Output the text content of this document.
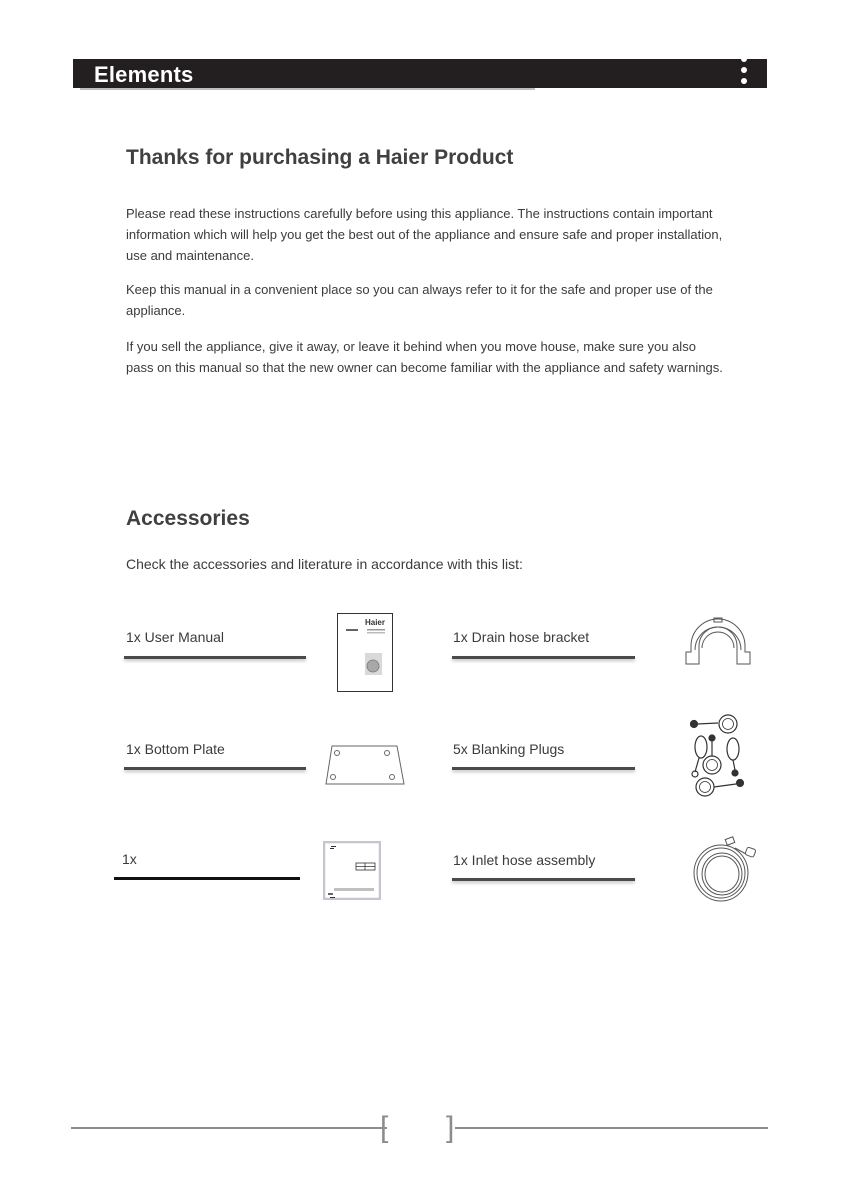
Elements
Thanks for purchasing a Haier Product
Please read these instructions carefully before using this appliance. The instructions contain important information which will help you get the best out of the appliance and ensure safe and proper installation, use and maintenance.
Keep this manual in a convenient place so you can always refer to it for the safe and proper use of the appliance.
If you sell the appliance, give it away, or leave it behind when you move house, make sure you also pass on this manual so that the new owner can become familiar with the appliance and safety warnings.
Accessories
Check the accessories and literature in accordance with this list:
1x User Manual
Haier
1x Drain hose bracket
1x Bottom Plate	5x Blanking Plugs
1x	1x Inlet hose assembly
[ ]
